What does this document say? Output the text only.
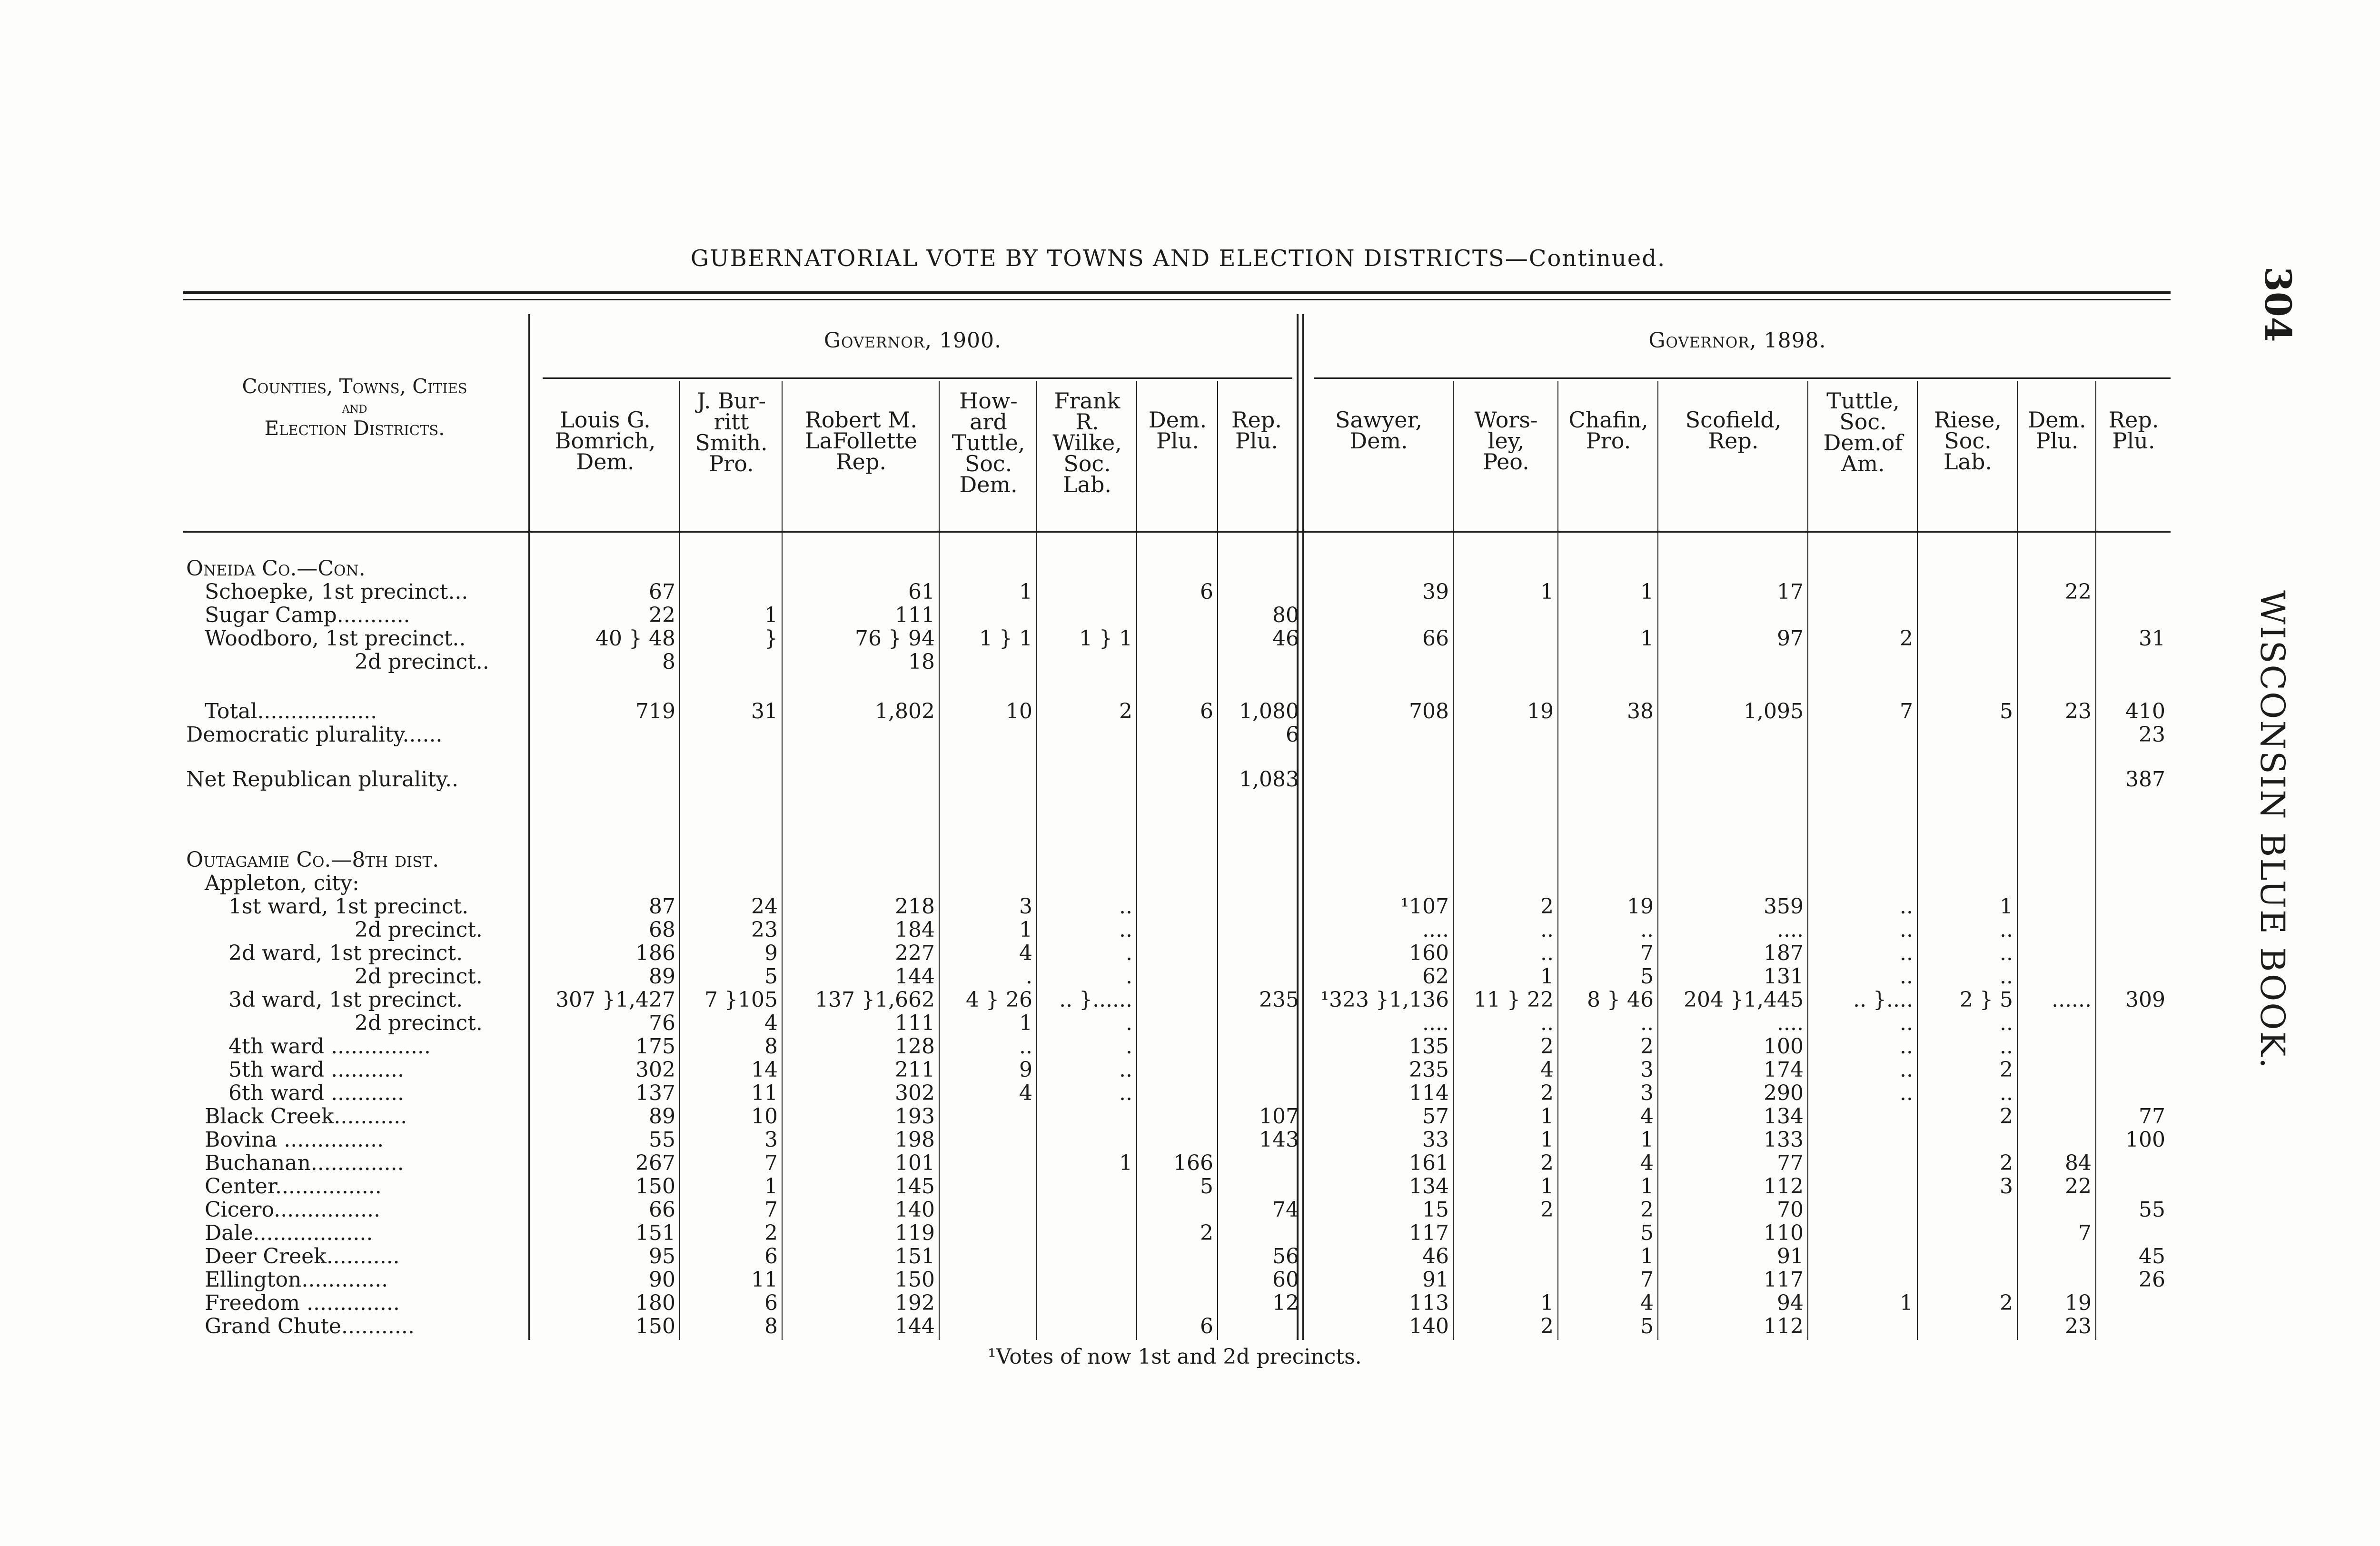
GUBERNATORIAL VOTE BY TOWNS AND ELECTION DISTRICTS—Continued.
304
WISCONSIN BLUE BOOK.
Counties, Towns, Cities
and
Election Districts.
Governor, 1900.	Governor, 1898.
Louis G.
Bomrich,
Dem.
J. Bur-
ritt
Smith.
Pro.
Robert M.
LaFollette
Rep.
How-
ard
Tuttle,
Soc.
Dem.
Frank
R.
Wilke,
Soc.
Lab.
Dem.
Plu.
Rep.
Plu.
Sawyer,
Dem.
Wors-
ley,
Peo.
Chafin,
Pro.
Scofield,
Rep.
Tuttle,
Soc.
Dem.of
Am.
Riese,
Soc.
Lab.
Dem.
Plu.
Rep.
Plu.
Oneida Co.—Con.															
Schoepke, 1st precinct...	67		61	1		6		39	1	1	17			22	
Sugar Camp...........	22	1	111				80								
Woodboro, 1st precinct..	40 } 48	}	76 } 94	1 } 1	1 } 1		46	66		1	97	2			31
2d precinct..	8		18												

Total..................	719	31	1,802	10	2	6	1,080	708	19	38	1,095	7	5	23	410
Democratic plurality......							6								23

Net Republican plurality..							1,083								387

Outagamie Co.—8th dist.															
Appleton, city:															
1st ward, 1st precinct.	87	24	218	3	..			¹107	2	19	359	..	1		
2d precinct.	68	23	184	1	..			....	..	..	....	..	..		
2d ward, 1st precinct.	186	9	227	4	.			160	..	7	187	..	..		
2d precinct.	89	5	144	.	.			62	1	5	131	..	..		
3d ward, 1st precinct.	307 }1,427	7 }105	137 }1,662	4 } 26	.. }......		235	¹323 }1,136	11 } 22	8 } 46	204 }1,445	.. }....	2 } 5	......	309
2d precinct.	76	4	111	1	.			....	..	..	....	..	..		
4th ward ...............	175	8	128	..	.			135	2	2	100	..	..		
5th ward ...........	302	14	211	9	..			235	4	3	174	..	2		
6th ward ...........	137	11	302	4	..			114	2	3	290	..	..		
Black Creek...........	89	10	193				107	57	1	4	134		2		77
Bovina ...............	55	3	198				143	33	1	1	133				100
Buchanan..............	267	7	101		1	166		161	2	4	77		2	84	
Center................	150	1	145			5		134	1	1	112		3	22	
Cicero................	66	7	140				74	15	2	2	70				55
Dale..................	151	2	119			2		117		5	110			7	
Deer Creek...........	95	6	151				56	46		1	91				45
Ellington.............	90	11	150				60	91		7	117				26
Freedom ..............	180	6	192				12	113	1	4	94	1	2	19	
Grand Chute...........	150	8	144			6		140	2	5	112			23	
¹Votes of now 1st and 2d precincts.
